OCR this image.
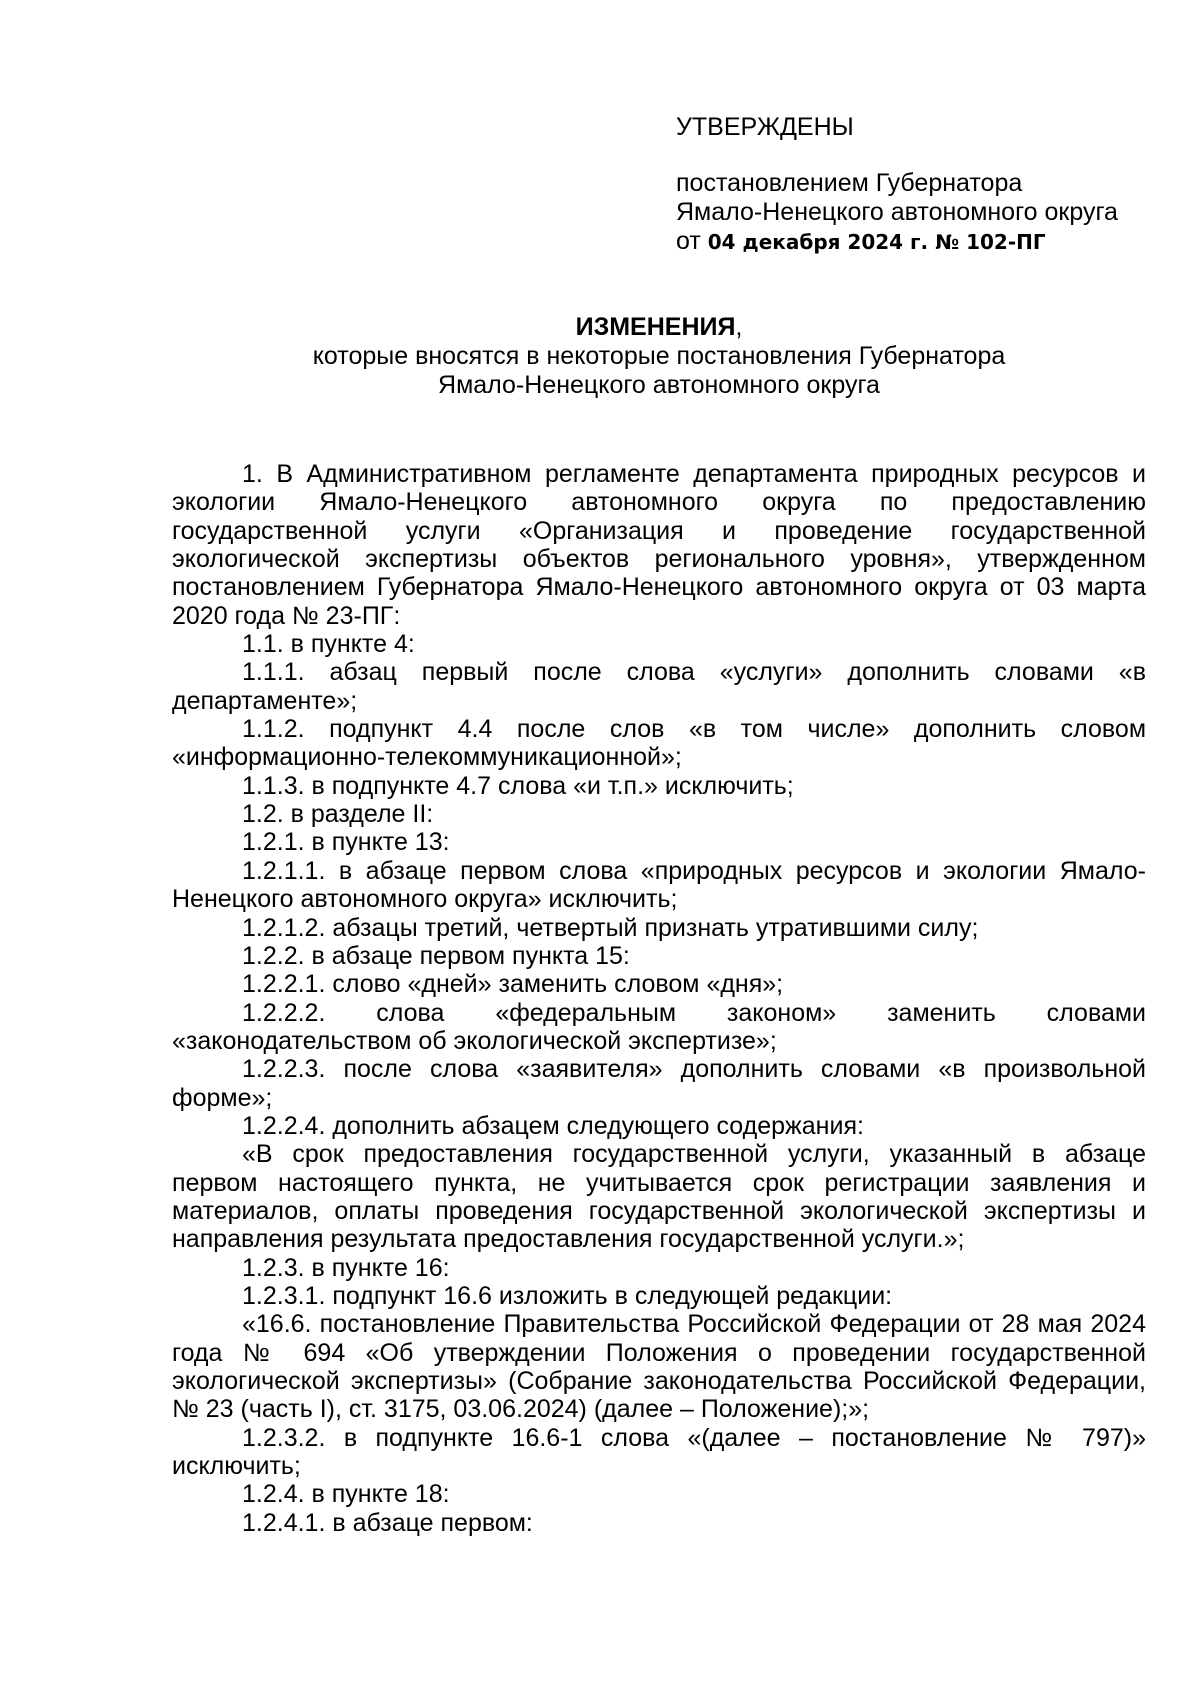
УТВЕРЖДЕНЫ
постановлением Губернатора
Ямало-Ненецкого автономного округа
от 04 декабря 2024 г. № 102-ПГ
ИЗМЕНЕНИЯ,
которые вносятся в некоторые постановления Губернатора
Ямало-Ненецкого автономного округа

1. В Административном регламенте департамента природных ресурсов и экологии Ямало-Ненецкого автономного округа по предоставлению государственной услуги «Организация и проведение государственной экологической экспертизы объектов регионального уровня», утвержденном постановлением Губернатора Ямало-Ненецкого автономного округа от 03 марта 2020 года № 23-ПГ:

1.1. в пункте 4:

1.1.1. абзац первый после слова «услуги» дополнить словами «в департаменте»;

1.1.2. подпункт 4.4 после слов «в том числе» дополнить словом «информационно-телекоммуникационной»;

1.1.3. в подпункте 4.7 слова «и т.п.» исключить;

1.2. в разделе II:

1.2.1. в пункте 13:

1.2.1.1. в абзаце первом слова «природных ресурсов и экологии Ямало-Ненецкого автономного округа» исключить;

1.2.1.2. абзацы третий, четвертый признать утратившими силу;

1.2.2. в абзаце первом пункта 15:

1.2.2.1. слово «дней» заменить словом «дня»;

1.2.2.2. слова «федеральным законом» заменить словами «законодательством об экологической экспертизе»;

1.2.2.3. после слова «заявителя» дополнить словами «в произвольной форме»;

1.2.2.4. дополнить абзацем следующего содержания:

«В срок предоставления государственной услуги, указанный в абзаце первом настоящего пункта, не учитывается срок регистрации заявления и материалов, оплаты проведения государственной экологической экспертизы и направления результата предоставления государственной услуги.»;

1.2.3. в пункте 16:

1.2.3.1. подпункт 16.6 изложить в следующей редакции:

«16.6. постановление Правительства Российской Федерации от 28 мая 2024 года № 694 «Об утверждении Положения о проведении государственной экологической экспертизы» (Собрание законодательства Российской Федерации, № 23 (часть I), ст. 3175, 03.06.2024) (далее – Положение);»;

1.2.3.2. в подпункте 16.6-1 слова «(далее – постановление № 797)» исключить;

1.2.4. в пункте 18:

1.2.4.1. в абзаце первом:
